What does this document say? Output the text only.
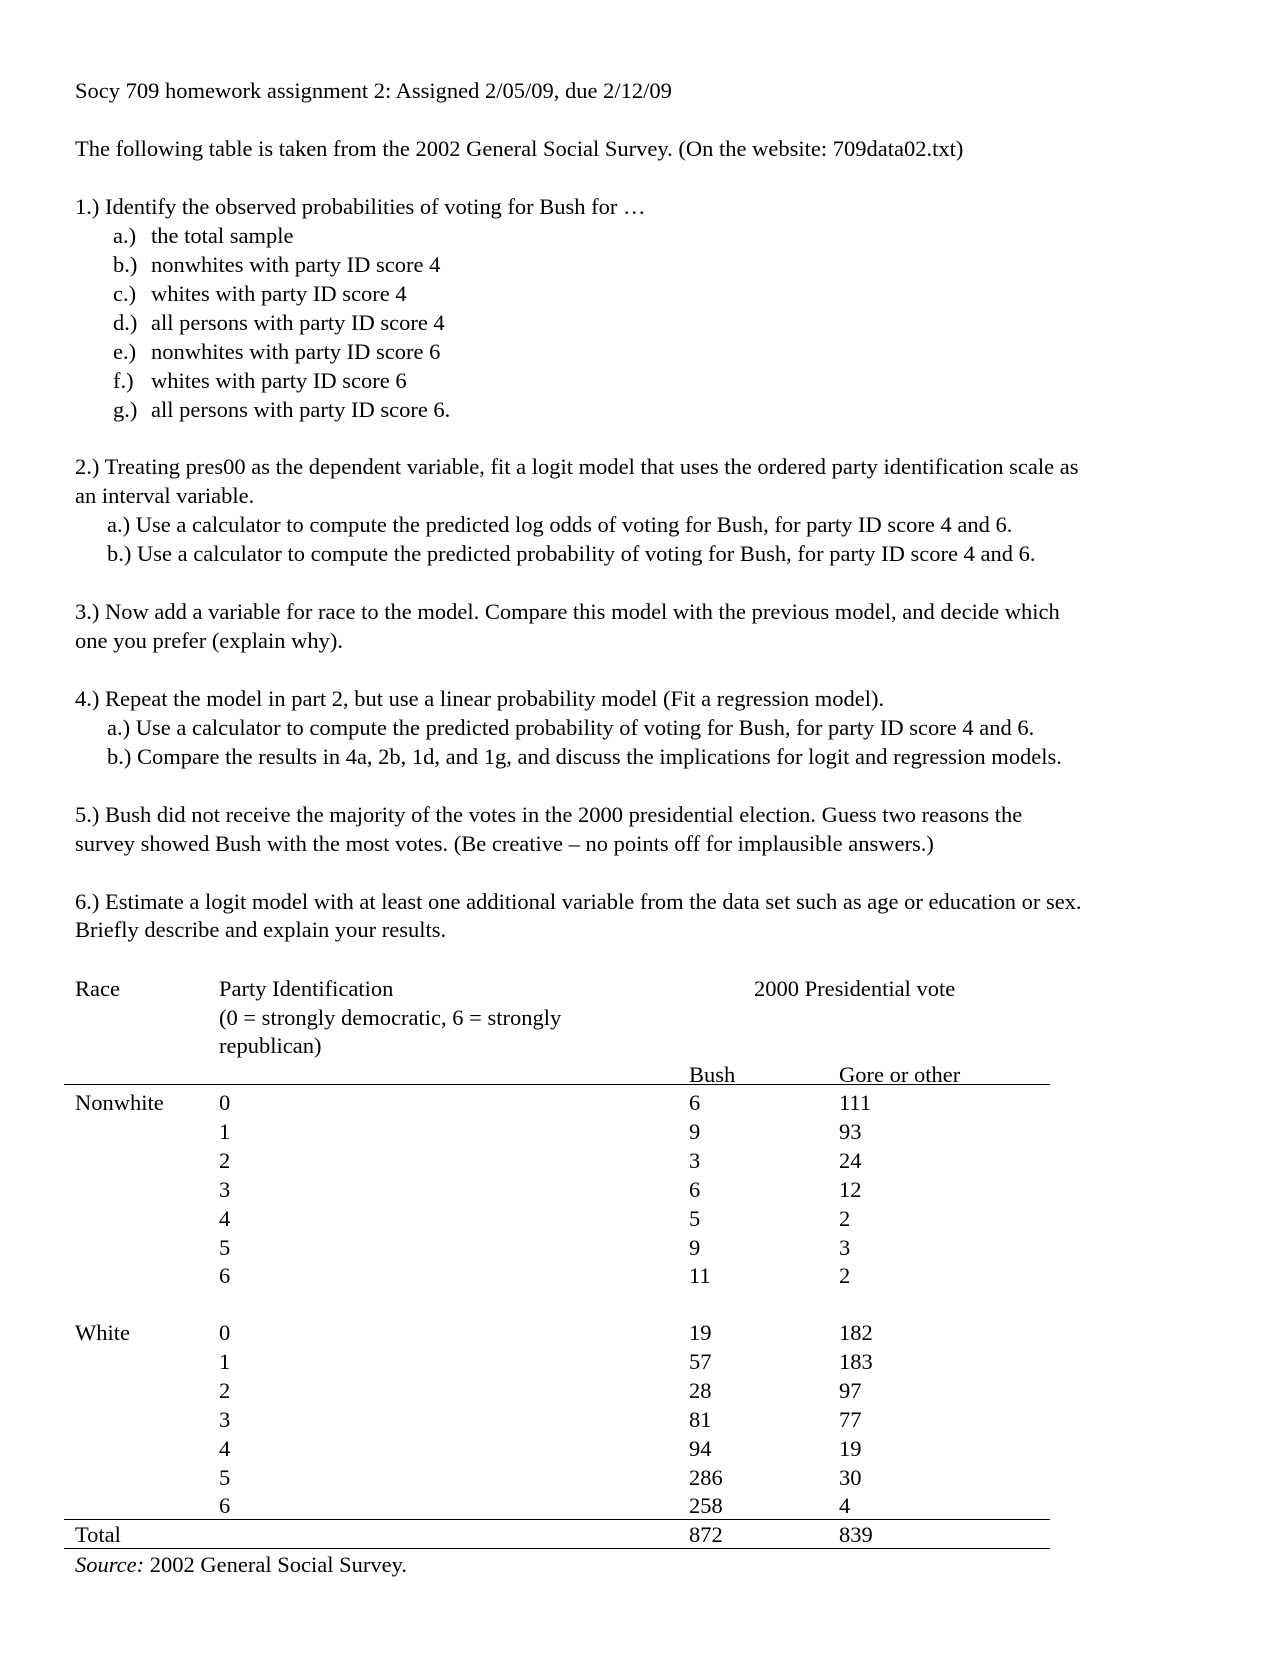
Socy 709 homework assignment 2: Assigned 2/05/09, due 2/12/09
The following table is taken from the 2002 General Social Survey. (On the website: 709data02.txt)
1.) Identify the observed probabilities of voting for Bush for …
a.) the total sample
b.) nonwhites with party ID score 4
c.) whites with party ID score 4
d.) all persons with party ID score 4
e.) nonwhites with party ID score 6
f.) whites with party ID score 6
g.) all persons with party ID score 6.
2.) Treating pres00 as the dependent variable, fit a logit model that uses the ordered party identification scale as
an interval variable.
a.) Use a calculator to compute the predicted log odds of voting for Bush, for party ID score 4 and 6.
b.) Use a calculator to compute the predicted probability of voting for Bush, for party ID score 4 and 6.
3.) Now add a variable for race to the model. Compare this model with the previous model, and decide which
one you prefer (explain why).
4.) Repeat the model in part 2, but use a linear probability model (Fit a regression model).
a.) Use a calculator to compute the predicted probability of voting for Bush, for party ID score 4 and 6.
b.) Compare the results in 4a, 2b, 1d, and 1g, and discuss the implications for logit and regression models.
5.) Bush did not receive the majority of the votes in the 2000 presidential election. Guess two reasons the
survey showed Bush with the most votes. (Be creative – no points off for implausible answers.)
6.) Estimate a logit model with at least one additional variable from the data set such as age or education or sex.
Briefly describe and explain your results.
Race	Party Identification
(0 = strongly democratic, 6 = strongly
republican)
2000 Presidential vote
Bush	Gore or other
Nonwhite 0	6	111
1	9	93
2	3	24
3	6	12
4	5	2
5	9	3
6	11	2
White	0	19	182
1	57	183
2	28	97
3	81	77
4	94	19
5	286	30
6	258	4
Total	872	839
Source: 2002 General Social Survey.
